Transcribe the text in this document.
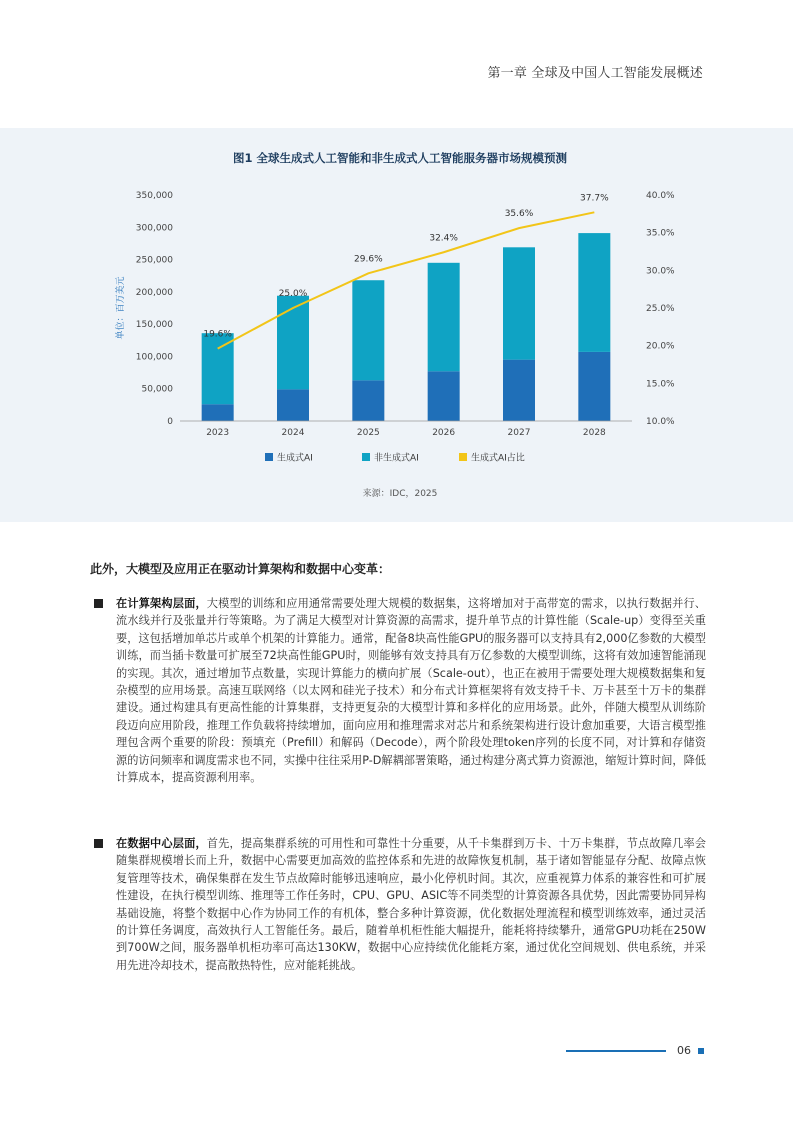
第一章 全球及中国人工智能发展概述
图1 全球生成式人工智能和非生成式人工智能服务器市场规模预测
0
50,000
100,000
150,000
200,000
250,000
300,000
350,000
单位：百万美元
10.0%
15.0%
20.0%
25.0%
30.0%
35.0%
40.0%
19.6%
25.0%
29.6%
32.4%
35.6%
37.7%
2023	2024	2025	2026	2027	2028
生成式AI	非生成式AI	生成式AI占比
来源：IDC，2025
此外，大模型及应用正在驱动计算架构和数据中心变革：
在计算架构层面，大模型的训练和应用通常需要处理大规模的数据集，这将增加对于高带宽的需求，以执行数据并行、流水线并行及张量并行等策略。为了满足大模型对计算资源的高需求，提升单节点的计算性能（Scale-up）变得至关重要，这包括增加单芯片或单个机架的计算能力。通常，配备8块高性能GPU的服务器可以支持具有2,000亿参数的大模型训练，而当插卡数量可扩展至72块高性能GPU时，则能够有效支持具有万亿参数的大模型训练，这将有效加速智能涌现的实现。其次，通过增加节点数量，实现计算能力的横向扩展（Scale-out），也正在被用于需要处理大规模数据集和复杂模型的应用场景。高速互联网络（以太网和硅光子技术）和分布式计算框架将有效支持千卡、万卡甚至十万卡的集群建设。通过构建具有更高性能的计算集群，支持更复杂的大模型计算和多样化的应用场景。此外，伴随大模型从训练阶段迈向应用阶段，推理工作负载将持续增加，面向应用和推理需求对芯片和系统架构进行设计愈加重要，大语言模型推理包含两个重要的阶段：预填充（Prefill）和解码（Decode），两个阶段处理token序列的长度不同，对计算和存储资源的访问频率和调度需求也不同，实操中往往采用P-D解耦部署策略，通过构建分离式算力资源池，缩短计算时间，降低计算成本，提高资源利用率。
在数据中心层面，首先，提高集群系统的可用性和可靠性十分重要，从千卡集群到万卡、十万卡集群，节点故障几率会随集群规模增长而上升，数据中心需要更加高效的监控体系和先进的故障恢复机制，基于诸如智能显存分配、故障点恢复管理等技术，确保集群在发生节点故障时能够迅速响应，最小化停机时间。其次，应重视算力体系的兼容性和可扩展性建设，在执行模型训练、推理等工作任务时，CPU、GPU、ASIC等不同类型的计算资源各具优势，因此需要协同异构基础设施，将整个数据中心作为协同工作的有机体，整合多种计算资源，优化数据处理流程和模型训练效率，通过灵活的计算任务调度，高效执行人工智能任务。最后，随着单机柜性能大幅提升，能耗将持续攀升，通常GPU功耗在250W到700W之间，服务器单机柜功率可高达130KW，数据中心应持续优化能耗方案，通过优化空间规划、供电系统，并采用先进冷却技术，提高散热特性，应对能耗挑战。
06
